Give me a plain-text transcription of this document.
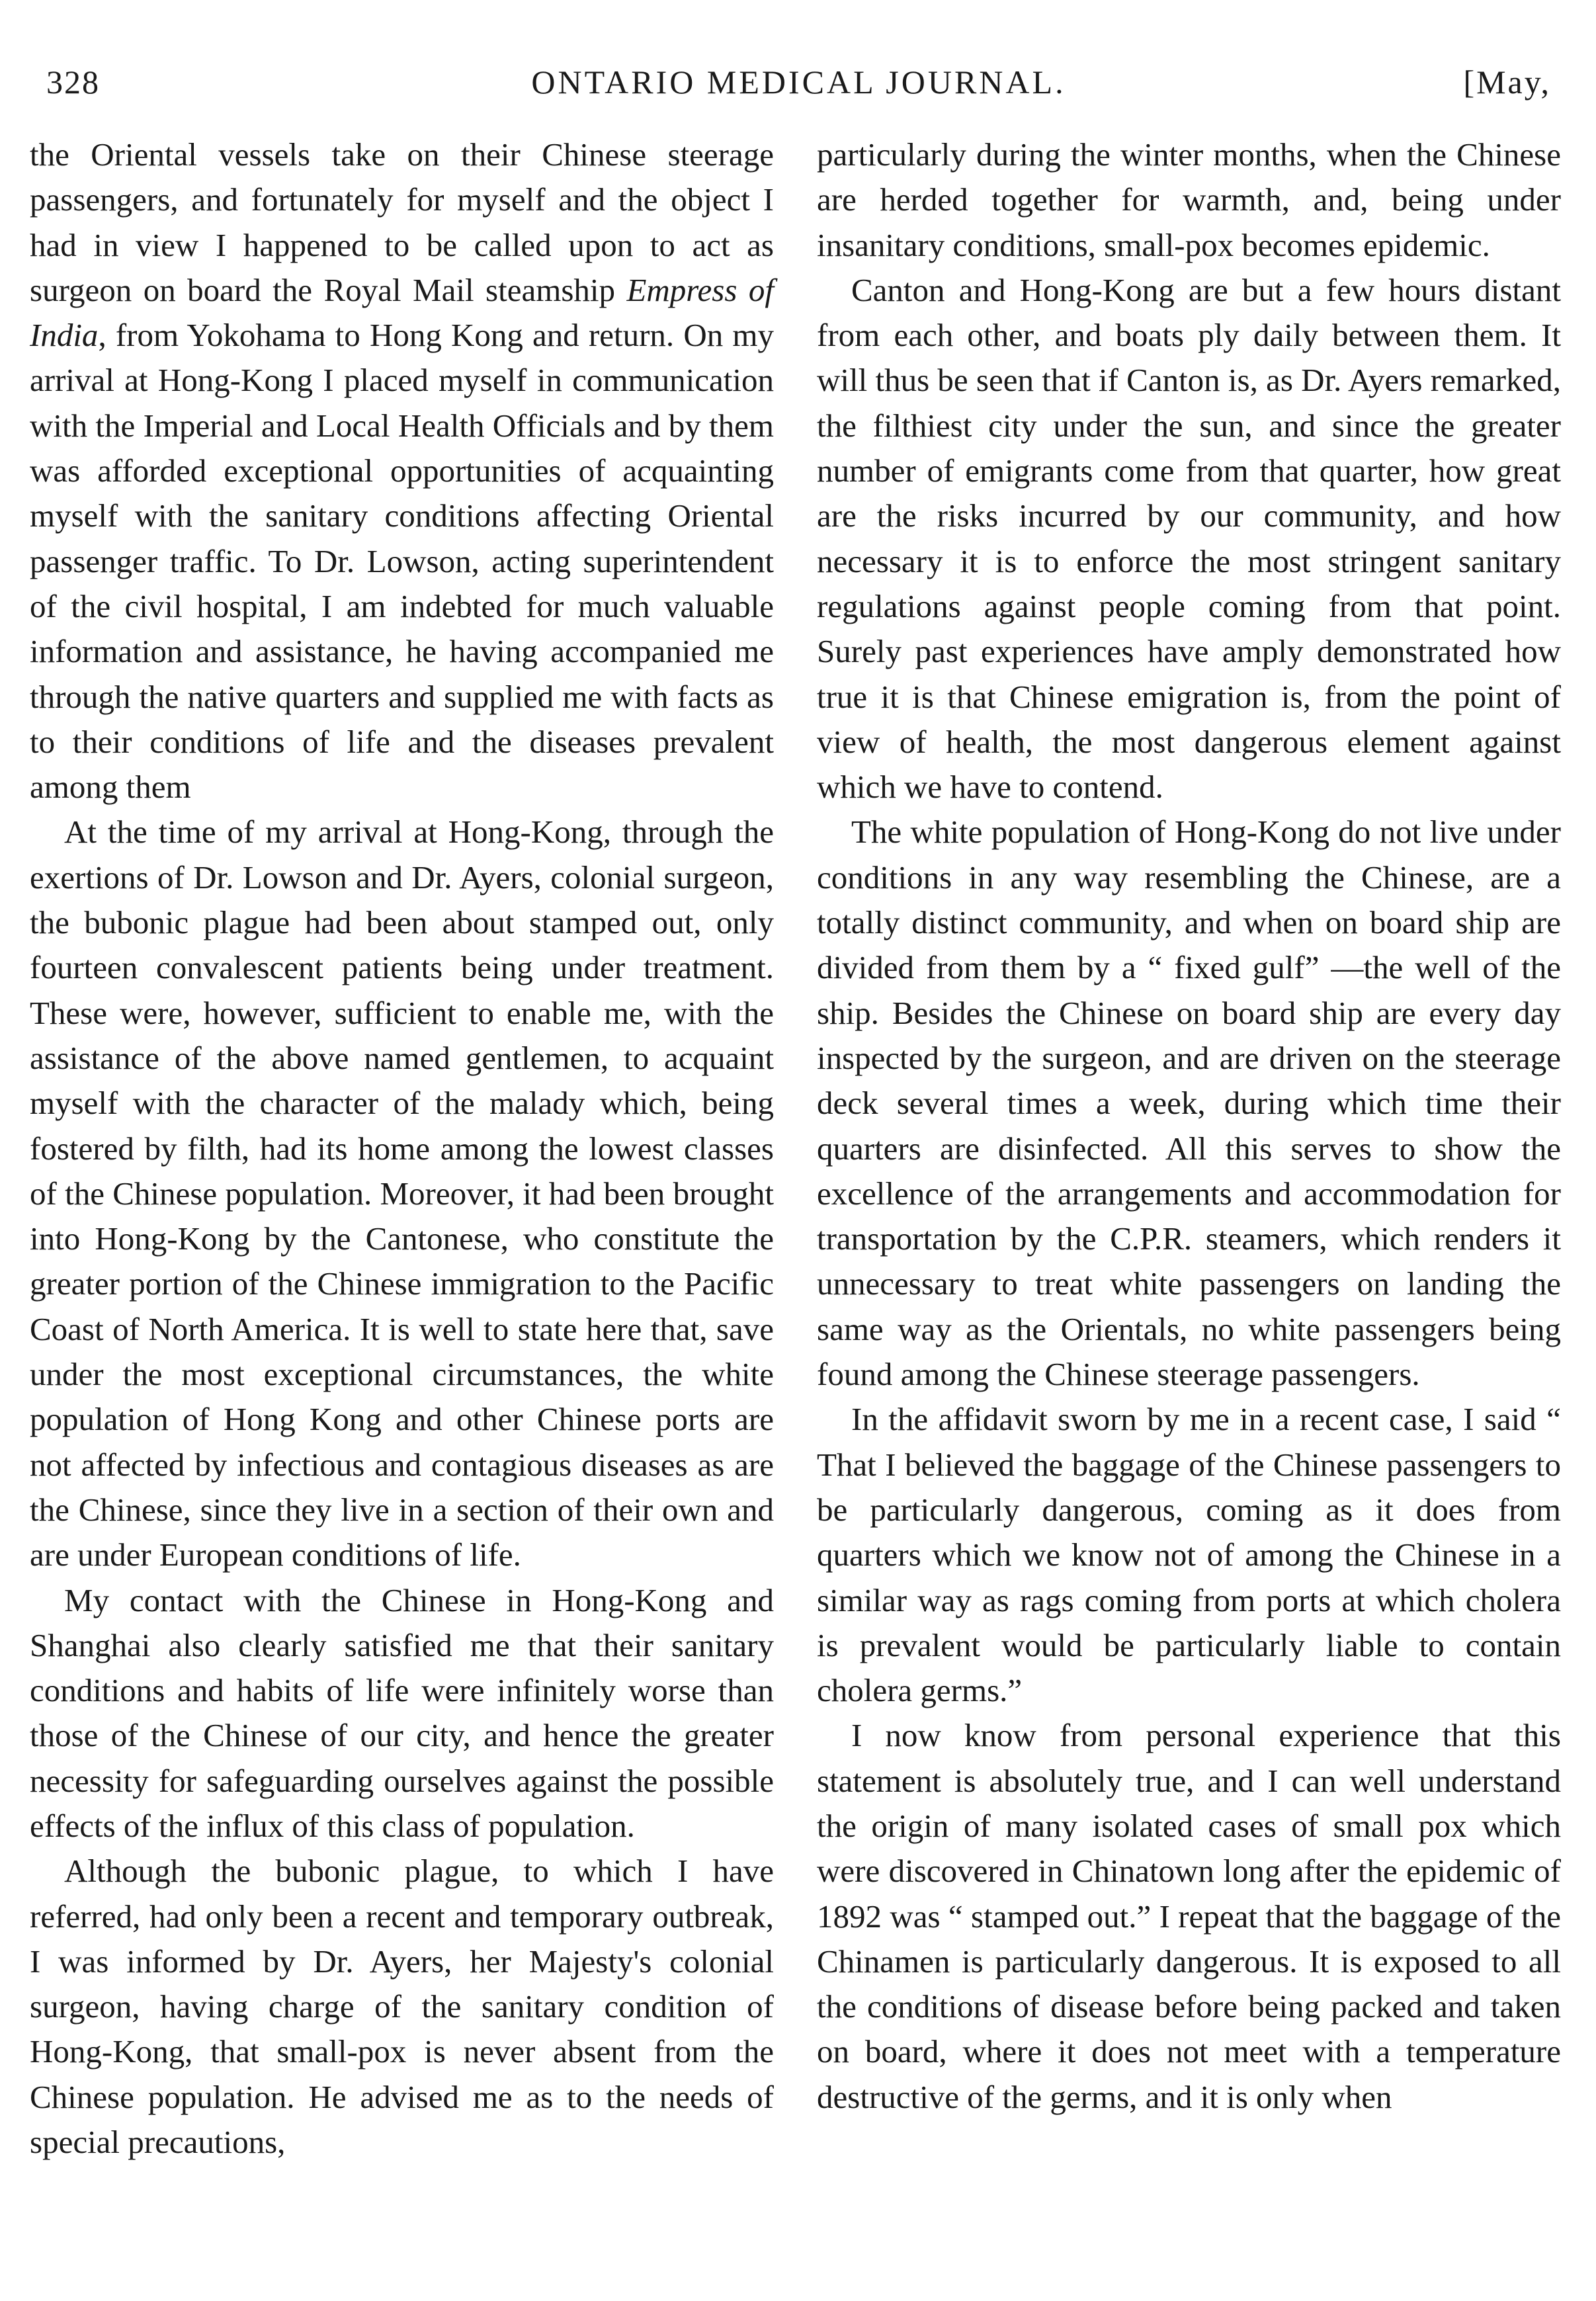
328	ONTARIO MEDICAL JOURNAL.	[May,

the Oriental vessels take on their Chinese steerage passengers, and fortunately for myself and the object I had in view I happened to be called upon to act as surgeon on board the Royal Mail steamship Empress of India, from Yokohama to Hong Kong and return. On my arrival at Hong-Kong I placed myself in communication with the Imperial and Local Health Officials and by them was afforded exceptional opportunities of acquainting myself with the sanitary conditions affecting Oriental passenger traffic. To Dr. Lowson, acting superintendent of the civil hospital, I am indebted for much valuable information and assistance, he having accompanied me through the native quarters and supplied me with facts as to their conditions of life and the diseases prevalent among them

At the time of my arrival at Hong-Kong, through the exertions of Dr. Lowson and Dr. Ayers, colonial surgeon, the bubonic plague had been about stamped out, only fourteen convalescent patients being under treatment. These were, however, sufficient to enable me, with the assistance of the above named gentlemen, to acquaint myself with the character of the malady which, being fostered by filth, had its home among the lowest classes of the Chinese population. Moreover, it had been brought into Hong-Kong by the Cantonese, who constitute the greater portion of the Chinese immigration to the Pacific Coast of North America. It is well to state here that, save under the most exceptional circumstances, the white population of Hong Kong and other Chinese ports are not affected by infectious and contagious diseases as are the Chinese, since they live in a section of their own and are under European conditions of life.

My contact with the Chinese in Hong-Kong and Shanghai also clearly satisfied me that their sanitary conditions and habits of life were infinitely worse than those of the Chinese of our city, and hence the greater necessity for safeguarding ourselves against the possible effects of the influx of this class of population.

Although the bubonic plague, to which I have referred, had only been a recent and temporary outbreak, I was informed by Dr. Ayers, her Majesty's colonial surgeon, having charge of the sanitary condition of Hong-Kong, that small-pox is never absent from the Chinese population. He advised me as to the needs of special precautions,

particularly during the winter months, when the Chinese are herded together for warmth, and, being under insanitary conditions, small-pox becomes epidemic.

Canton and Hong-Kong are but a few hours distant from each other, and boats ply daily between them. It will thus be seen that if Canton is, as Dr. Ayers remarked, the filthiest city under the sun, and since the greater number of emigrants come from that quarter, how great are the risks incurred by our community, and how necessary it is to enforce the most stringent sanitary regulations against people coming from that point. Surely past experiences have amply demonstrated how true it is that Chinese emigration is, from the point of view of health, the most dangerous element against which we have to contend.

The white population of Hong-Kong do not live under conditions in any way resembling the Chinese, are a totally distinct community, and when on board ship are divided from them by a “ fixed gulf” —the well of the ship. Besides the Chinese on board ship are every day inspected by the surgeon, and are driven on the steerage deck several times a week, during which time their quarters are disinfected. All this serves to show the excellence of the arrangements and accommodation for transportation by the C.P.R. steamers, which renders it unnecessary to treat white passengers on landing the same way as the Orientals, no white passengers being found among the Chinese steerage passengers.

In the affidavit sworn by me in a recent case, I said “ That I believed the baggage of the Chinese passengers to be particularly dangerous, coming as it does from quarters which we know not of among the Chinese in a similar way as rags coming from ports at which cholera is prevalent would be particularly liable to contain cholera germs.”

I now know from personal experience that this statement is absolutely true, and I can well understand the origin of many isolated cases of small pox which were discovered in Chinatown long after the epidemic of 1892 was “ stamped out.” I repeat that the baggage of the Chinamen is particularly dangerous. It is exposed to all the conditions of disease before being packed and taken on board, where it does not meet with a temperature destructive of the germs, and it is only when
